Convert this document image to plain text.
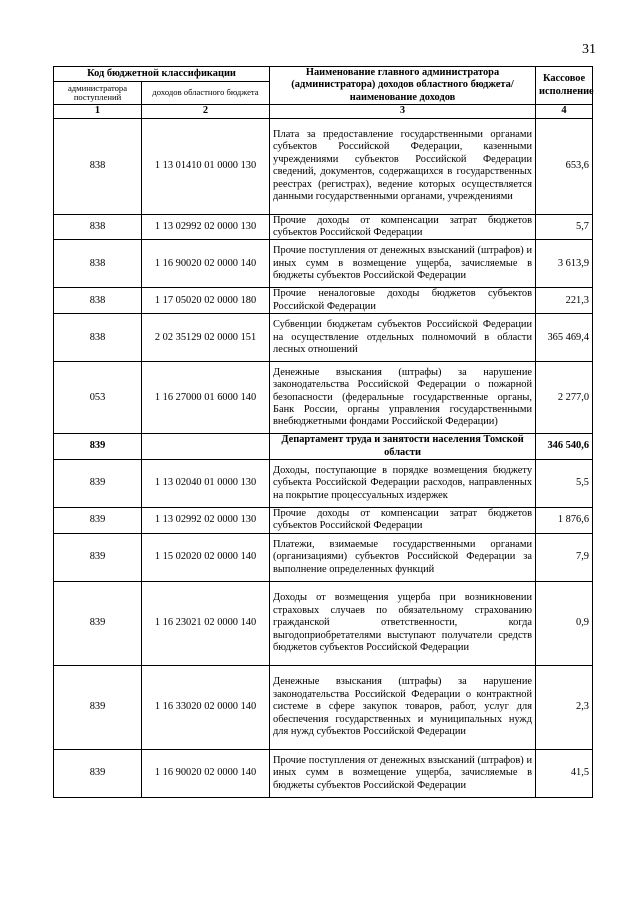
31
Код бюджетной классификации		Наименование главного администратора (администратора) доходов областного бюджета/ наименование доходов	Кассовое исполнение
администратора поступлений	доходов областного бюджета		
1	2	3	4
838	1 13 01410 01 0000 130	Плата за предоставление государственными органами субъектов Российской Федерации, казенными учреждениями субъектов Российской Федерации сведений, документов, содержащихся в государственных реестрах (регистрах), ведение которых осуществляется данными государственными органами, учреждениями	653,6
838	1 13 02992 02 0000 130	Прочие доходы от компенсации затрат бюджетов субъектов Российской Федерации	5,7
838	1 16 90020 02 0000 140	Прочие поступления от денежных взысканий (штрафов) и иных сумм в возмещение ущерба, зачисляемые в бюджеты субъектов Российской Федерации	3 613,9
838	1 17 05020 02 0000 180	Прочие неналоговые доходы бюджетов субъектов Российской Федерации	221,3
838	2 02 35129 02 0000 151	Субвенции бюджетам субъектов Российской Федерации на осуществление отдельных полномочий в области лесных отношений	365 469,4
053	1 16 27000 01 6000 140	Денежные взыскания (штрафы) за нарушение законодательства Российской Федерации о пожарной безопасности (федеральные государственные органы, Банк России, органы управления государственными внебюджетными фондами Российской Федерации)	2 277,0
839		Департамент труда и занятости населения Томской области	346 540,6
839	1 13 02040 01 0000 130	Доходы, поступающие в порядке возмещения бюджету субъекта Российской Федерации расходов, направленных на покрытие процессуальных издержек	5,5
839	1 13 02992 02 0000 130	Прочие доходы от компенсации затрат бюджетов субъектов Российской Федерации	1 876,6
839	1 15 02020 02 0000 140	Платежи, взимаемые государственными органами (организациями) субъектов Российской Федерации за выполнение определенных функций	7,9
839	1 16 23021 02 0000 140	Доходы от возмещения ущерба при возникновении страховых случаев по обязательному страхованию гражданской ответственности, когда выгодоприобретателями выступают получатели средств бюджетов субъектов Российской Федерации	0,9
839	1 16 33020 02 0000 140	Денежные взыскания (штрафы) за нарушение законодательства Российской Федерации о контрактной системе в сфере закупок товаров, работ, услуг для обеспечения государственных и муниципальных нужд для нужд субъектов Российской Федерации	2,3
839	1 16 90020 02 0000 140	Прочие поступления от денежных взысканий (штрафов) и иных сумм в возмещение ущерба, зачисляемые в бюджеты субъектов Российской Федерации	41,5
